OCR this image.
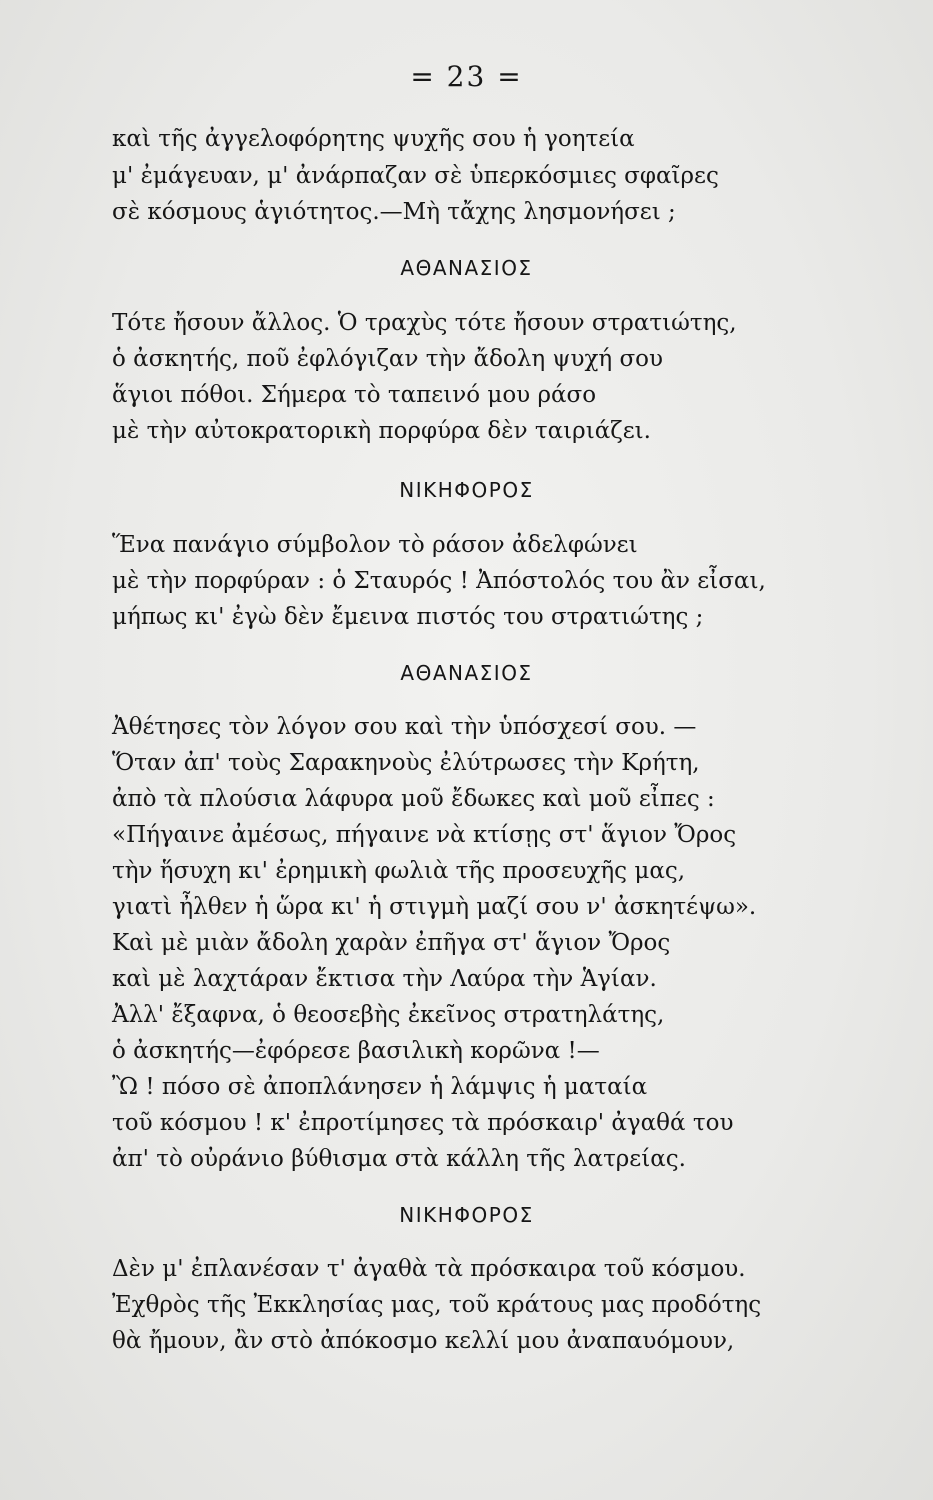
= 23 =
καὶ τῆς ἀγγελοφόρητης ψυχῆς σου ἡ γοητεία
μ' ἐμάγευαν, μ' ἀνάρπαζαν σὲ ὑπερκόσμιες σφαῖρες
σὲ κόσμους ἁγιότητος.—Μὴ τἄχης λησμονήσει ;
ΑΘΑΝΑΣΙΟΣ
Τότε ἤσουν ἄλλος. Ὁ τραχὺς τότε ἤσουν στρατιώτης,
ὁ ἀσκητής, ποῦ ἐφλόγιζαν τὴν ἄδολη ψυχή σου
ἅγιοι πόθοι. Σήμερα τὸ ταπεινό μου ράσο
μὲ τὴν αὐτοκρατορικὴ πορφύρα δὲν ταιριάζει.
ΝΙΚΗΦΟΡΟΣ
Ἕνα πανάγιο σύμβολον τὸ ράσον ἀδελφώνει
μὲ τὴν πορφύραν : ὁ Σταυρός ! Ἀπόστολός του ἂν εἶσαι,
μήπως κι' ἐγὼ δὲν ἔμεινα πιστός του στρατιώτης ;
ΑΘΑΝΑΣΙΟΣ
Ἀθέτησες τὸν λόγον σου καὶ τὴν ὑπόσχεσί σου. —
Ὅταν ἀπ' τοὺς Σαρακηνοὺς ἐλύτρωσες τὴν Κρήτη,
ἀπὸ τὰ πλούσια λάφυρα μοῦ ἔδωκες καὶ μοῦ εἶπες :
«Πήγαινε ἀμέσως, πήγαινε νὰ κτίσῃς στ' ἅγιον Ὄρος
τὴν ἥσυχη κι' ἐρημικὴ φωλιὰ τῆς προσευχῆς μας,
γιατὶ ἦλθεν ἡ ὥρα κι' ἡ στιγμὴ μαζί σου ν' ἀσκητέψω».
Καὶ μὲ μιὰν ἄδολη χαρὰν ἐπῆγα στ' ἅγιον Ὄρος
καὶ μὲ λαχτάραν ἔκτισα τὴν Λαύρα τὴν Ἁγίαν.
Ἀλλ' ἔξαφνα, ὁ θεοσεβὴς ἐκεῖνος στρατηλάτης,
ὁ ἀσκητής—ἐφόρεσε βασιλικὴ κορῶνα !—
Ὢ ! πόσο σὲ ἀποπλάνησεν ἡ λάμψις ἡ ματαία
τοῦ κόσμου ! κ' ἐπροτίμησες τὰ πρόσκαιρ' ἀγαθά του
ἀπ' τὸ οὐράνιο βύθισμα στὰ κάλλη τῆς λατρείας.
ΝΙΚΗΦΟΡΟΣ
Δὲν μ' ἐπλανέσαν τ' ἀγαθὰ τὰ πρόσκαιρα τοῦ κόσμου.
Ἐχθρὸς τῆς Ἐκκλησίας μας, τοῦ κράτους μας προδότης
θὰ ἤμουν, ἂν στὸ ἀπόκοσμο κελλί μου ἀναπαυόμουν,
